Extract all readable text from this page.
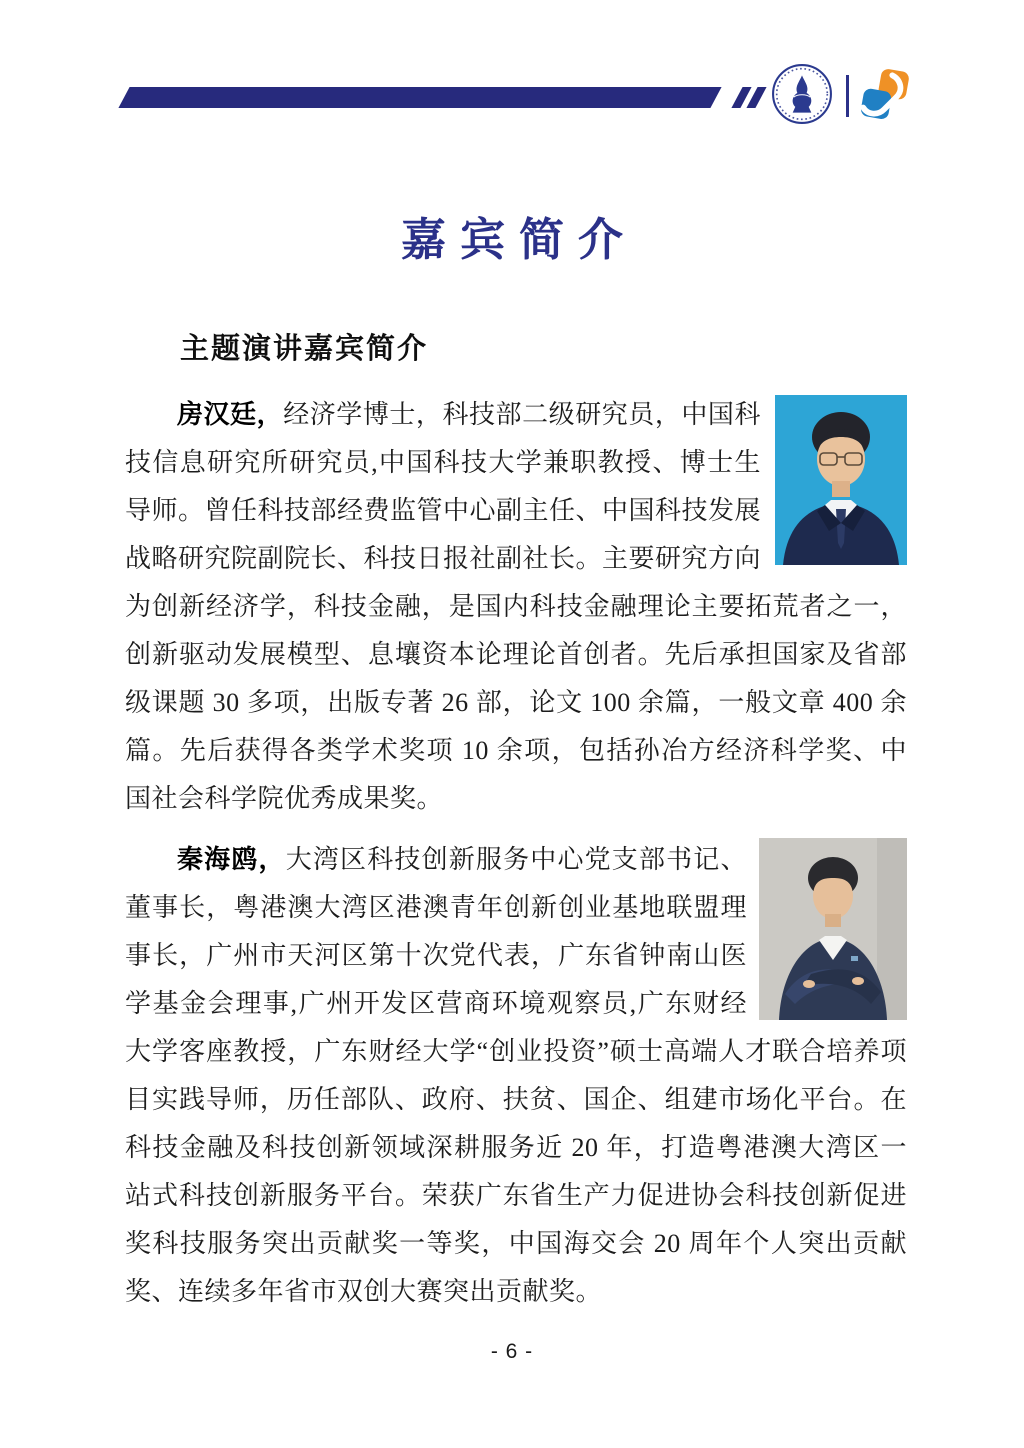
嘉宾简介
主题演讲嘉宾简介

房汉廷，经济学博士，科技部二级研究员，中国科技信息研究所研究员,中国科技大学兼职教授、博士生导师。曾任科技部经费监管中心副主任、中国科技发展战略研究院副院长、科技日报社副社长。主要研究方向为创新经济学，科技金融，是国内科技金融理论主要拓荒者之一，创新驱动发展模型、息壤资本论理论首创者。先后承担国家及省部级课题 30 多项，出版专著 26 部，论文 100 余篇，一般文章 400 余篇。先后获得各类学术奖项 10 余项，包括孙冶方经济科学奖、中国社会科学院优秀成果奖。

秦海鸥，大湾区科技创新服务中心党支部书记、董事长，粤港澳大湾区港澳青年创新创业基地联盟理事长，广州市天河区第十次党代表，广东省钟南山医学基金会理事,广州开发区营商环境观察员,广东财经大学客座教授，广东财经大学“创业投资”硕士高端人才联合培养项目实践导师，历任部队、政府、扶贫、国企、组建市场化平台。在科技金融及科技创新领域深耕服务近 20 年，打造粤港澳大湾区一站式科技创新服务平台。荣获广东省生产力促进协会科技创新促进奖科技服务突出贡献奖一等奖，中国海交会 20 周年个人突出贡献奖、连续多年省市双创大赛突出贡献奖。

- 6 -
